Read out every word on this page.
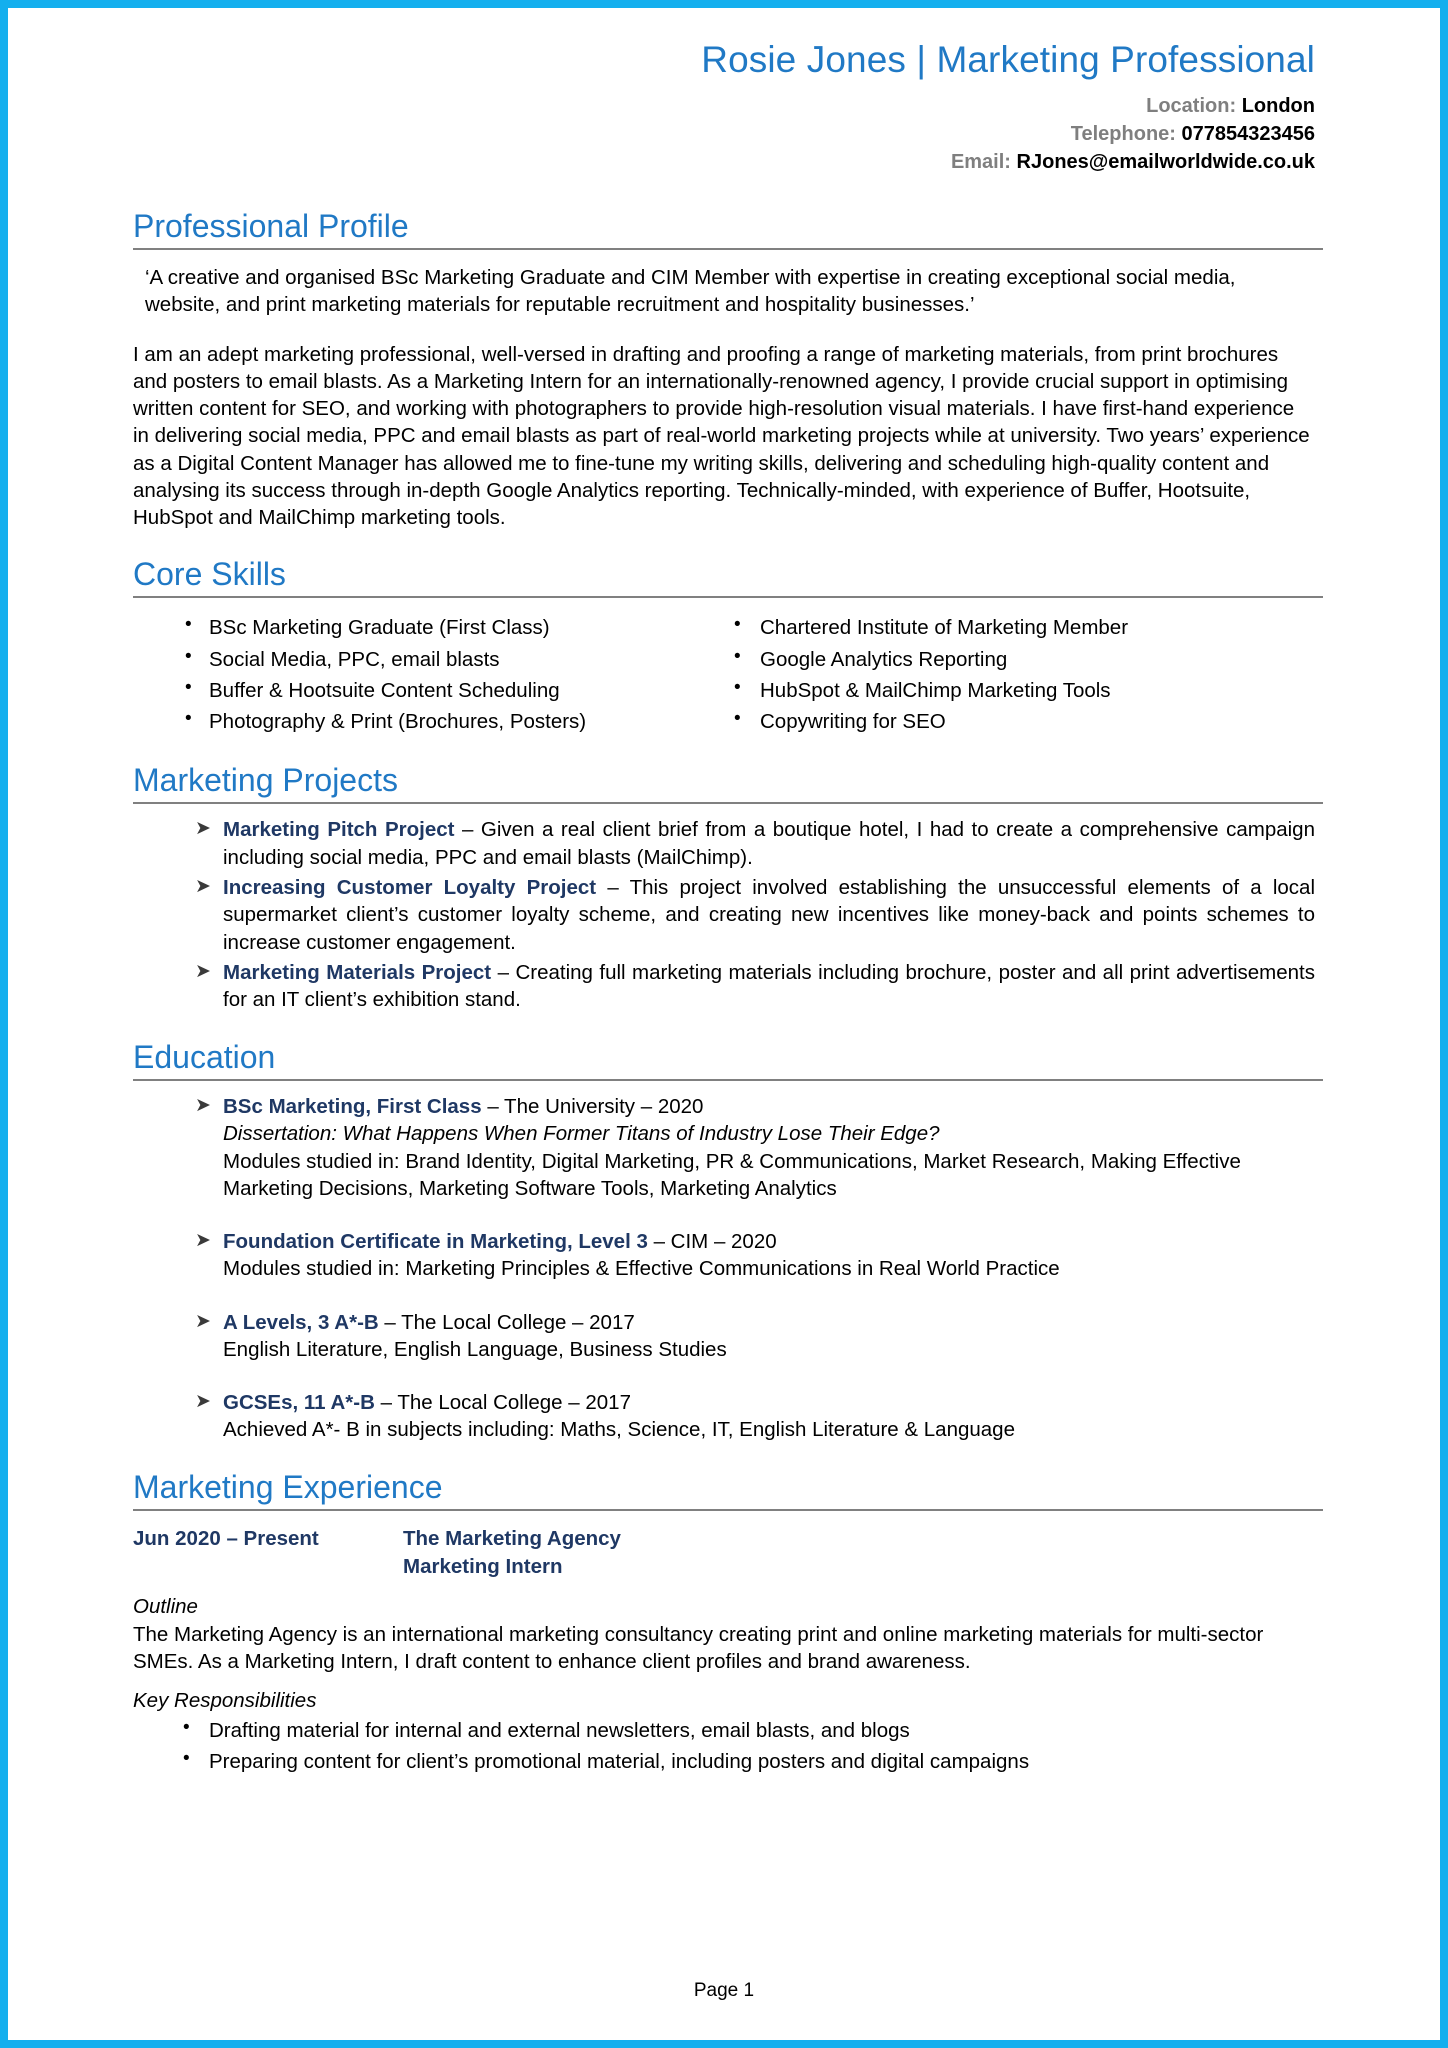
Rosie Jones | Marketing Professional
Location: London
Telephone: 077854323456
Email: RJones@emailworldwide.co.uk
Professional Profile
‘A creative and organised BSc Marketing Graduate and CIM Member with expertise in creating exceptional social media, website, and print marketing materials for reputable recruitment and hospitality businesses.’
I am an adept marketing professional, well-versed in drafting and proofing a range of marketing materials, from print brochures and posters to email blasts. As a Marketing Intern for an internationally-renowned agency, I provide crucial support in optimising written content for SEO, and working with photographers to provide high-resolution visual materials. I have first-hand experience in delivering social media, PPC and email blasts as part of real-world marketing projects while at university. Two years’ experience as a Digital Content Manager has allowed me to fine-tune my writing skills, delivering and scheduling high-quality content and analysing its success through in-depth Google Analytics reporting. Technically-minded, with experience of Buffer, Hootsuite, HubSpot and MailChimp marketing tools.
Core Skills
• BSc Marketing Graduate (First Class)
• Social Media, PPC, email blasts
• Buffer & Hootsuite Content Scheduling
• Photography & Print (Brochures, Posters)
• Chartered Institute of Marketing Member
• Google Analytics Reporting
• HubSpot & MailChimp Marketing Tools
• Copywriting for SEO
Marketing Projects
➤ Marketing Pitch Project – Given a real client brief from a boutique hotel, I had to create a comprehensive campaign including social media, PPC and email blasts (MailChimp).
➤ Increasing Customer Loyalty Project – This project involved establishing the unsuccessful elements of a local supermarket client’s customer loyalty scheme, and creating new incentives like money-back and points schemes to increase customer engagement.
➤ Marketing Materials Project – Creating full marketing materials including brochure, poster and all print advertisements for an IT client’s exhibition stand.
Education
➤ BSc Marketing, First Class – The University – 2020
Dissertation: What Happens When Former Titans of Industry Lose Their Edge?
Modules studied in: Brand Identity, Digital Marketing, PR & Communications, Market Research, Making Effective Marketing Decisions, Marketing Software Tools, Marketing Analytics
➤ Foundation Certificate in Marketing, Level 3 – CIM – 2020
Modules studied in: Marketing Principles & Effective Communications in Real World Practice
➤ A Levels, 3 A*-B – The Local College – 2017
English Literature, English Language, Business Studies
➤ GCSEs, 11 A*-B – The Local College – 2017
Achieved A*- B in subjects including: Maths, Science, IT, English Literature & Language
Marketing Experience
Jun 2020 – Present	The Marketing Agency
Marketing Intern
Outline
The Marketing Agency is an international marketing consultancy creating print and online marketing materials for multi-sector SMEs. As a Marketing Intern, I draft content to enhance client profiles and brand awareness.
Key Responsibilities
• Drafting material for internal and external newsletters, email blasts, and blogs
• Preparing content for client’s promotional material, including posters and digital campaigns
Page 1
